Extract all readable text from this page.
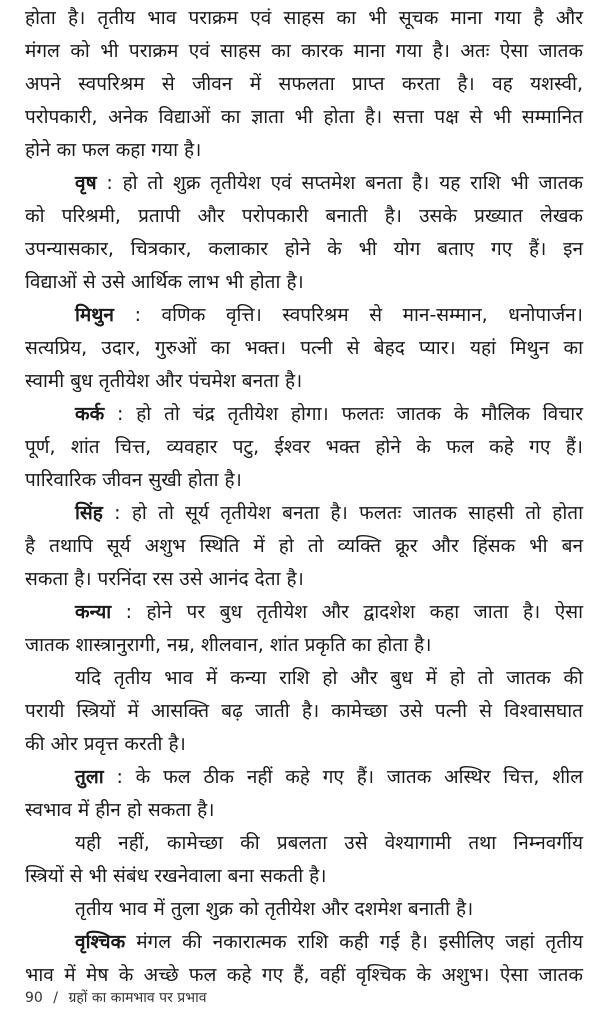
होता है। तृतीय भाव पराक्रम एवं साहस का भी सूचक माना गया है और
मंगल को भी पराक्रम एवं साहस का कारक माना गया है। अतः ऐसा जातक
अपने स्वपरिश्रम से जीवन में सफलता प्राप्त करता है। वह यशस्वी,
परोपकारी, अनेक विद्याओं का ज्ञाता भी होता है। सत्ता पक्ष से भी सम्मानित
होने का फल कहा गया है।
वृष : हो तो शुक्र तृतीयेश एवं सप्तमेश बनता है। यह राशि भी जातक
को परिश्रमी, प्रतापी और परोपकारी बनाती है। उसके प्रख्यात लेखक
उपन्यासकार, चित्रकार, कलाकार होने के भी योग बताए गए हैं। इन
विद्याओं से उसे आर्थिक लाभ भी होता है।
मिथुन : वणिक वृत्ति। स्वपरिश्रम से मान-सम्मान, धनोपार्जन।
सत्यप्रिय, उदार, गुरुओं का भक्त। पत्नी से बेहद प्यार। यहां मिथुन का
स्वामी बुध तृतीयेश और पंचमेश बनता है।
कर्क : हो तो चंद्र तृतीयेश होगा। फलतः जातक के मौलिक विचार
पूर्ण, शांत चित्त, व्यवहार पटु, ईश्वर भक्त होने के फल कहे गए हैं।
पारिवारिक जीवन सुखी होता है।
सिंह : हो तो सूर्य तृतीयेश बनता है। फलतः जातक साहसी तो होता
है तथापि सूर्य अशुभ स्थिति में हो तो व्यक्ति क्रूर और हिंसक भी बन
सकता है। परनिंदा रस उसे आनंद देता है।
कन्या : होने पर बुध तृतीयेश और द्वादशेश कहा जाता है। ऐसा
जातक शास्त्रानुरागी, नम्र, शीलवान, शांत प्रकृति का होता है।
यदि तृतीय भाव में कन्या राशि हो और बुध में हो तो जातक की
परायी स्त्रियों में आसक्ति बढ़ जाती है। कामेच्छा उसे पत्नी से विश्वासघात
की ओर प्रवृत्त करती है।
तुला : के फल ठीक नहीं कहे गए हैं। जातक अस्थिर चित्त, शील
स्वभाव में हीन हो सकता है।
यही नहीं, कामेच्छा की प्रबलता उसे वेश्यागामी तथा निम्नवर्गीय
स्त्रियों से भी संबंध रखनेवाला बना सकती है।
तृतीय भाव में तुला शुक्र को तृतीयेश और दशमेश बनाती है।
वृश्चिक मंगल की नकारात्मक राशि कही गई है। इसीलिए जहां तृतीय
भाव में मेष के अच्छे फल कहे गए हैं, वहीं वृश्चिक के अशुभ। ऐसा जातक
90 / ग्रहों का कामभाव पर प्रभाव
